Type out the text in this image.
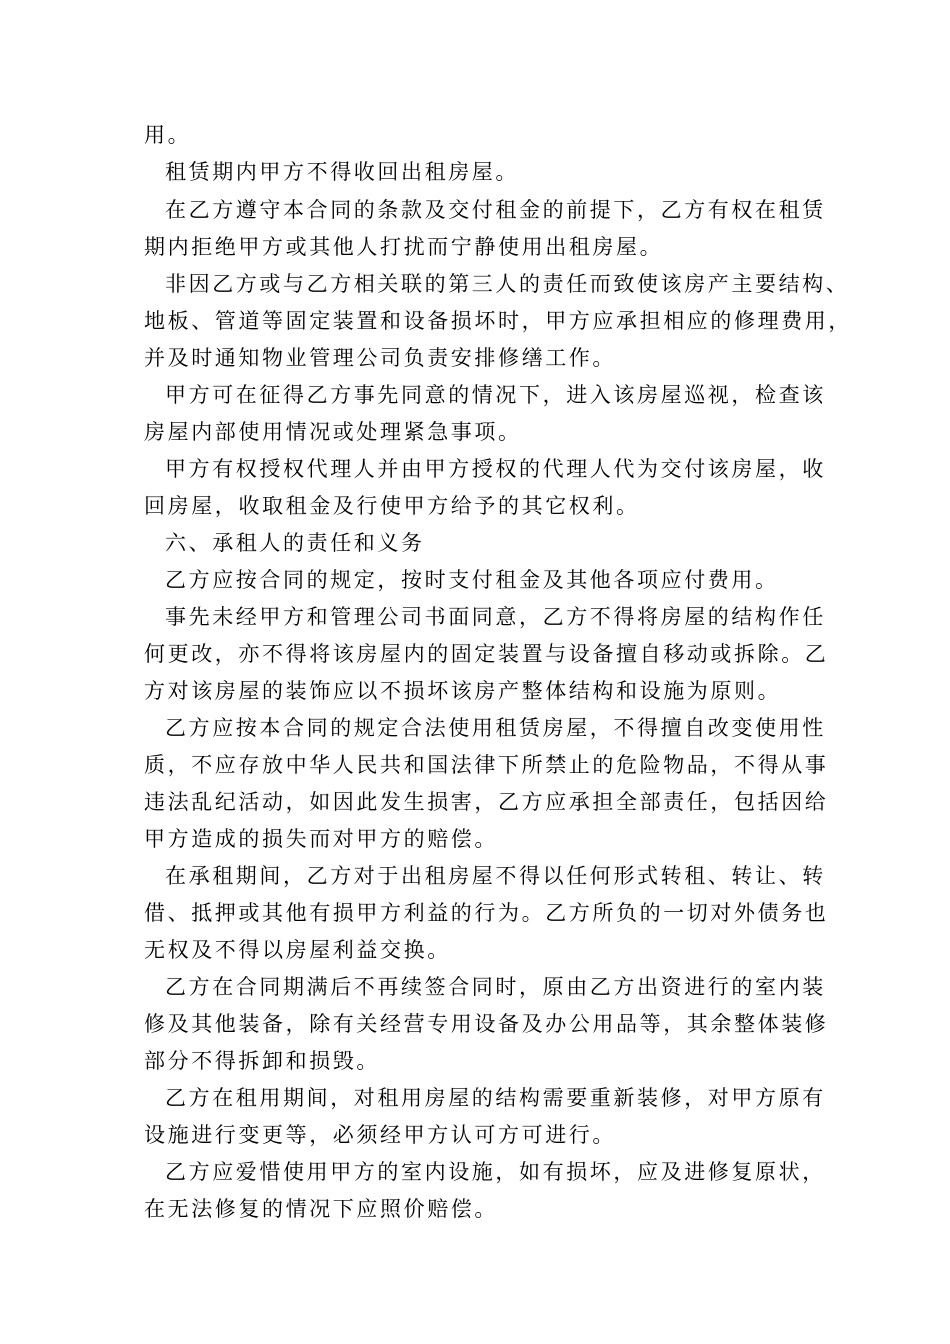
用。
租赁期内甲方不得收回出租房屋。
在乙方遵守本合同的条款及交付租金的前提下，乙方有权在租赁
期内拒绝甲方或其他人打扰而宁静使用出租房屋。
非因乙方或与乙方相关联的第三人的责任而致使该房产主要结构、
地板、管道等固定装置和设备损坏时，甲方应承担相应的修理费用，
并及时通知物业管理公司负责安排修缮工作。
甲方可在征得乙方事先同意的情况下，进入该房屋巡视，检查该
房屋内部使用情况或处理紧急事项。
甲方有权授权代理人并由甲方授权的代理人代为交付该房屋，收
回房屋，收取租金及行使甲方给予的其它权利。
六、承租人的责任和义务
乙方应按合同的规定，按时支付租金及其他各项应付费用。
事先未经甲方和管理公司书面同意，乙方不得将房屋的结构作任
何更改，亦不得将该房屋内的固定装置与设备擅自移动或拆除。乙
方对该房屋的装饰应以不损坏该房产整体结构和设施为原则。
乙方应按本合同的规定合法使用租赁房屋，不得擅自改变使用性
质，不应存放中华人民共和国法律下所禁止的危险物品，不得从事
违法乱纪活动，如因此发生损害，乙方应承担全部责任，包括因给
甲方造成的损失而对甲方的赔偿。
在承租期间，乙方对于出租房屋不得以任何形式转租、转让、转
借、抵押或其他有损甲方利益的行为。乙方所负的一切对外债务也
无权及不得以房屋利益交换。
乙方在合同期满后不再续签合同时，原由乙方出资进行的室内装
修及其他装备，除有关经营专用设备及办公用品等，其余整体装修
部分不得拆卸和损毁。
乙方在租用期间，对租用房屋的结构需要重新装修，对甲方原有
设施进行变更等，必须经甲方认可方可进行。
乙方应爱惜使用甲方的室内设施，如有损坏，应及进修复原状，
在无法修复的情况下应照价赔偿。
